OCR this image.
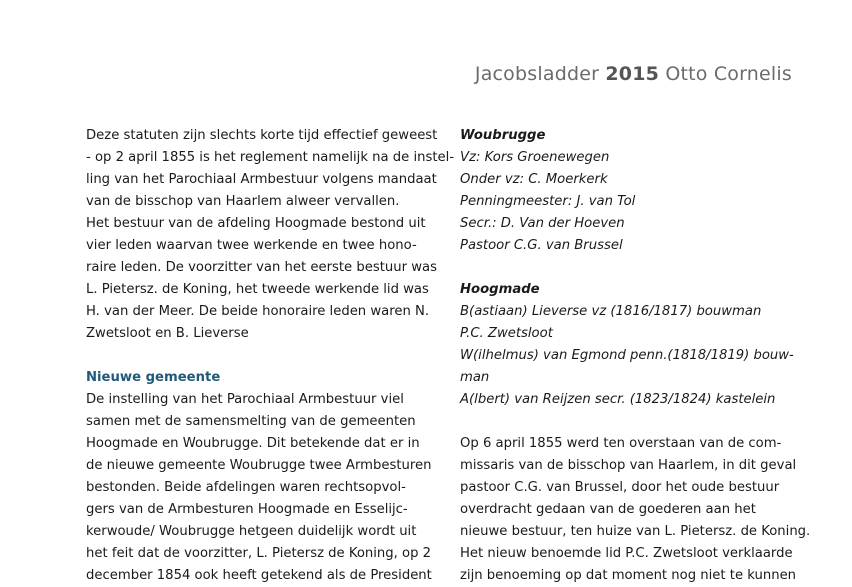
Jacobsladder 2015 Otto Cornelis
Deze statuten zijn slechts korte tijd effectief geweest
- op 2 april 1855 is het reglement namelijk na de instel-
ling van het Parochiaal Armbestuur volgens mandaat
van de bisschop van Haarlem alweer vervallen.
Het bestuur van de afdeling Hoogmade bestond uit
vier leden waarvan twee werkende en twee hono-
raire leden. De voorzitter van het eerste bestuur was
L. Pietersz. de Koning, het tweede werkende lid was
H. van der Meer. De beide honoraire leden waren N.
Zwetsloot en B. Lieverse
Nieuwe gemeente
De instelling van het Parochiaal Armbestuur viel
samen met de samensmelting van de gemeenten
Hoogmade en Woubrugge. Dit betekende dat er in
de nieuwe gemeente Woubrugge twee Armbesturen
bestonden. Beide afdelingen waren rechtsopvol-
gers van de Armbesturen Hoogmade en Esselijc-
kerwoude/ Woubrugge hetgeen duidelijk wordt uit
het feit dat de voorzitter, L. Pietersz de Koning, op 2
december 1854 ook heeft getekend als de President
Woubrugge
Vz: Kors Groenewegen
Onder vz: C. Moerkerk
Penningmeester: J. van Tol
Secr.: D. Van der Hoeven
Pastoor C.G. van Brussel
Hoogmade
B(astiaan) Lieverse vz (1816/1817) bouwman
P.C. Zwetsloot
W(ilhelmus) van Egmond penn.(1818/1819) bouw-
man
A(lbert) van Reijzen secr. (1823/1824) kastelein
Op 6 april 1855 werd ten overstaan van de com-
missaris van de bisschop van Haarlem, in dit geval
pastoor C.G. van Brussel, door het oude bestuur
overdracht gedaan van de goederen aan het
nieuwe bestuur, ten huize van L. Pietersz. de Koning.
Het nieuw benoemde lid P.C. Zwetsloot verklaarde
zijn benoeming op dat moment nog niet te kunnen
